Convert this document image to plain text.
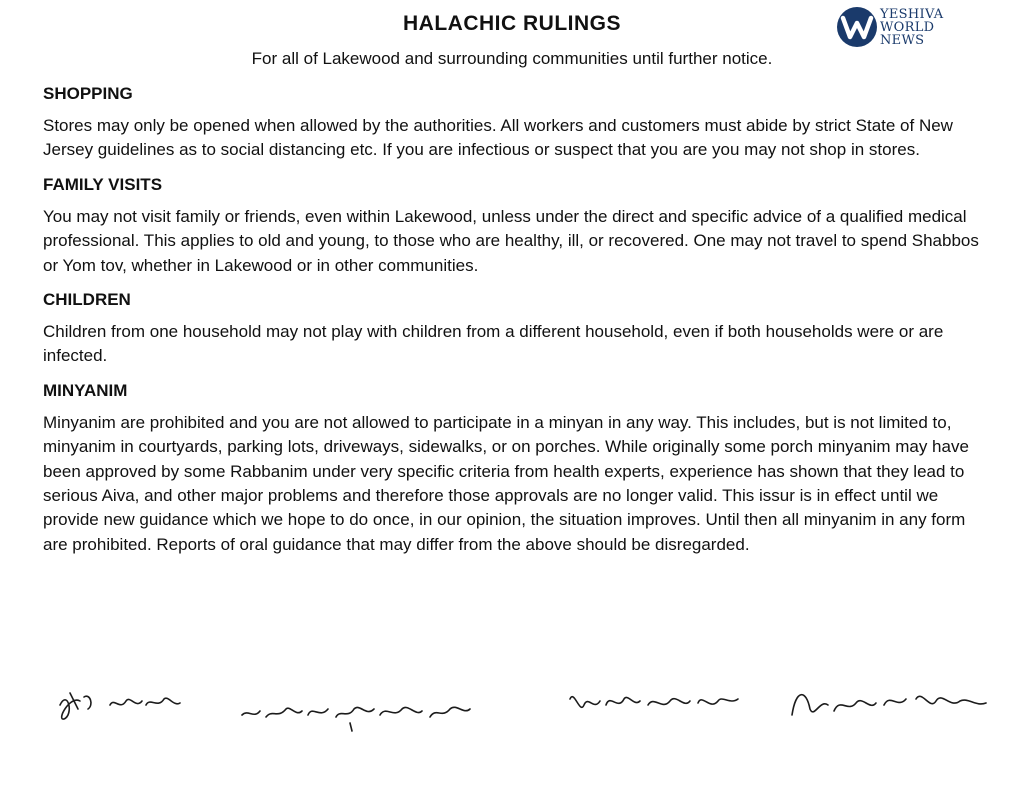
HALACHIC RULINGS

For all of Lakewood and surrounding communities until further notice.

YESHIVA
WORLD
NEWS
SHOPPING

Stores may only be opened when allowed by the authorities. All workers and customers must abide by strict State of New Jersey guidelines as to social distancing etc. If you are infectious or suspect that you are you may not shop in stores.

FAMILY VISITS

You may not visit family or friends, even within Lakewood, unless under the direct and specific advice of a qualified medical professional. This applies to old and young, to those who are healthy, ill, or recovered. One may not travel to spend Shabbos or Yom tov, whether in Lakewood or in other communities.

CHILDREN

Children from one household may not play with children from a different household, even if both households were or are infected.

MINYANIM

Minyanim are prohibited and you are not allowed to participate in a minyan in any way. This includes, but is not limited to, minyanim in courtyards, parking lots, driveways, sidewalks, or on porches. While originally some porch minyanim may have been approved by some Rabbanim under very specific criteria from health experts, experience has shown that they lead to serious Aiva, and other major problems and therefore those approvals are no longer valid. This issur is in effect until we provide new guidance which we hope to do once, in our opinion, the situation improves. Until then all minyanim in any form are prohibited. Reports of oral guidance that may differ from the above should be disregarded.
